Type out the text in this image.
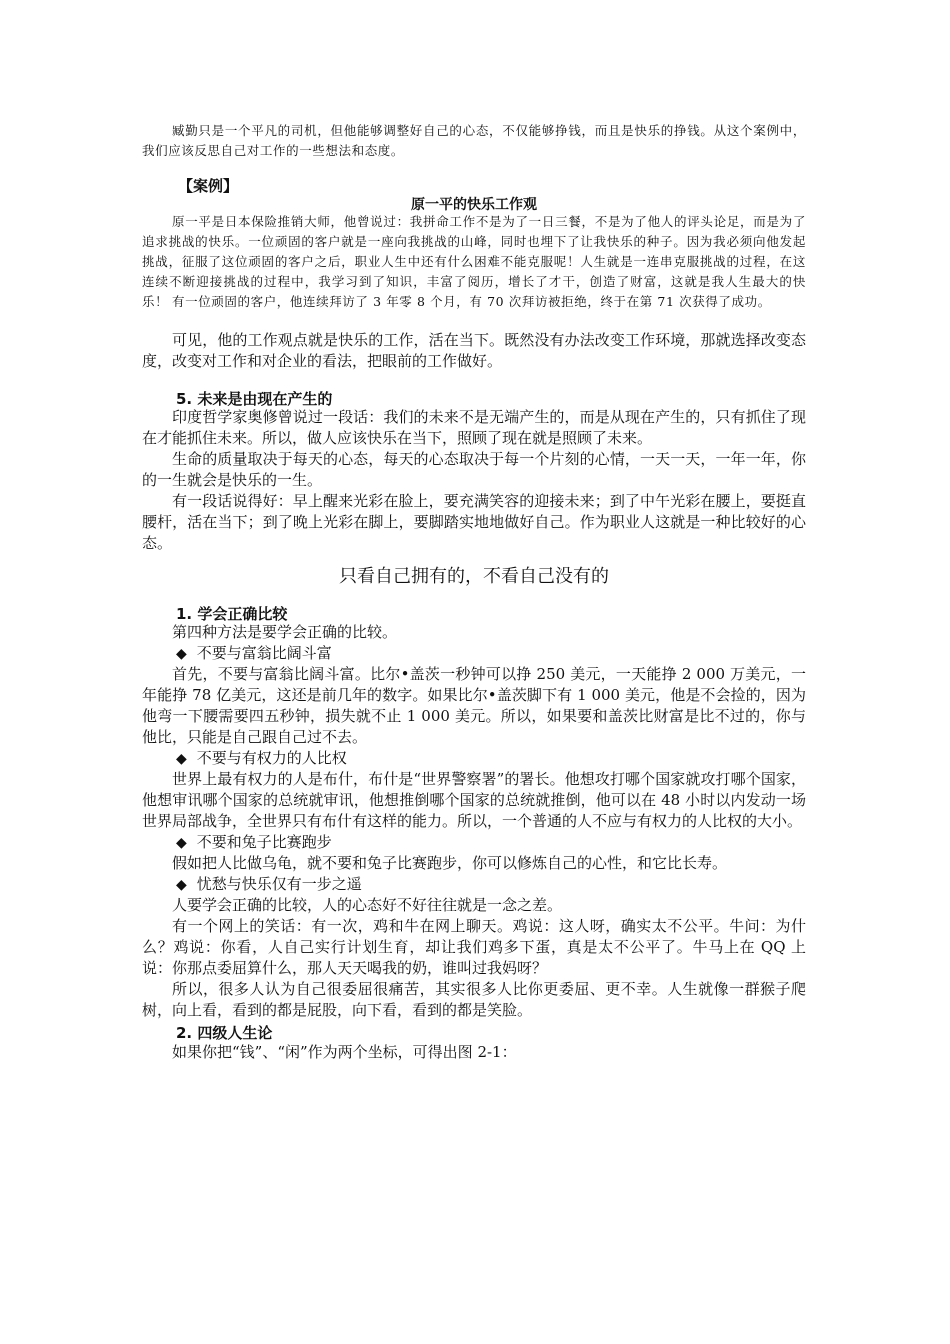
臧勤只是一个平凡的司机，但他能够调整好自己的心态，不仅能够挣钱，而且是快乐的挣钱。从这个案例中，我们应该反思自己对工作的一些想法和态度。

【案例】

原一平的快乐工作观

原一平是日本保险推销大师，他曾说过：我拼命工作不是为了一日三餐，不是为了他人的评头论足，而是为了追求挑战的快乐。一位顽固的客户就是一座向我挑战的山峰，同时也埋下了让我快乐的种子。因为我必须向他发起挑战，征服了这位顽固的客户之后，职业人生中还有什么困难不能克服呢！人生就是一连串克服挑战的过程，在这连续不断迎接挑战的过程中，我学习到了知识，丰富了阅历，增长了才干，创造了财富，这就是我人生最大的快乐！ 有一位顽固的客户，他连续拜访了 3 年零 8 个月，有 70 次拜访被拒绝，终于在第 71 次获得了成功。

可见，他的工作观点就是快乐的工作，活在当下。既然没有办法改变工作环境，那就选择改变态度，改变对工作和对企业的看法，把眼前的工作做好。

5. 未来是由现在产生的

印度哲学家奥修曾说过一段话：我们的未来不是无端产生的，而是从现在产生的，只有抓住了现在才能抓住未来。所以，做人应该快乐在当下，照顾了现在就是照顾了未来。

生命的质量取决于每天的心态，每天的心态取决于每一个片刻的心情，一天一天，一年一年，你的一生就会是快乐的一生。

有一段话说得好：早上醒来光彩在脸上，要充满笑容的迎接未来；到了中午光彩在腰上，要挺直腰杆，活在当下；到了晚上光彩在脚上，要脚踏实地地做好自己。作为职业人这就是一种比较好的心态。

只看自己拥有的，不看自己没有的

1. 学会正确比较

第四种方法是要学会正确的比较。

◆ 不要与富翁比阔斗富

首先，不要与富翁比阔斗富。比尔•盖茨一秒钟可以挣 250 美元，一天能挣 2 000 万美元，一年能挣 78 亿美元，这还是前几年的数字。如果比尔•盖茨脚下有 1 000 美元，他是不会捡的，因为他弯一下腰需要四五秒钟，损失就不止 1 000 美元。所以，如果要和盖茨比财富是比不过的，你与他比，只能是自己跟自己过不去。

◆ 不要与有权力的人比权

世界上最有权力的人是布什，布什是“世界警察署”的署长。他想攻打哪个国家就攻打哪个国家，他想审讯哪个国家的总统就审讯，他想推倒哪个国家的总统就推倒，他可以在 48 小时以内发动一场世界局部战争，全世界只有布什有这样的能力。所以，一个普通的人不应与有权力的人比权的大小。

◆ 不要和兔子比赛跑步

假如把人比做乌龟，就不要和兔子比赛跑步，你可以修炼自己的心性，和它比长寿。

◆ 忧愁与快乐仅有一步之遥

人要学会正确的比较，人的心态好不好往往就是一念之差。

有一个网上的笑话：有一次，鸡和牛在网上聊天。鸡说：这人呀，确实太不公平。牛问：为什么？鸡说：你看，人自己实行计划生育，却让我们鸡多下蛋，真是太不公平了。牛马上在 QQ 上说：你那点委屈算什么，那人天天喝我的奶，谁叫过我妈呀？

所以，很多人认为自己很委屈很痛苦，其实很多人比你更委屈、更不幸。人生就像一群猴子爬树，向上看，看到的都是屁股，向下看，看到的都是笑脸。

2. 四级人生论

如果你把“钱”、“闲”作为两个坐标，可得出图 2-1：
